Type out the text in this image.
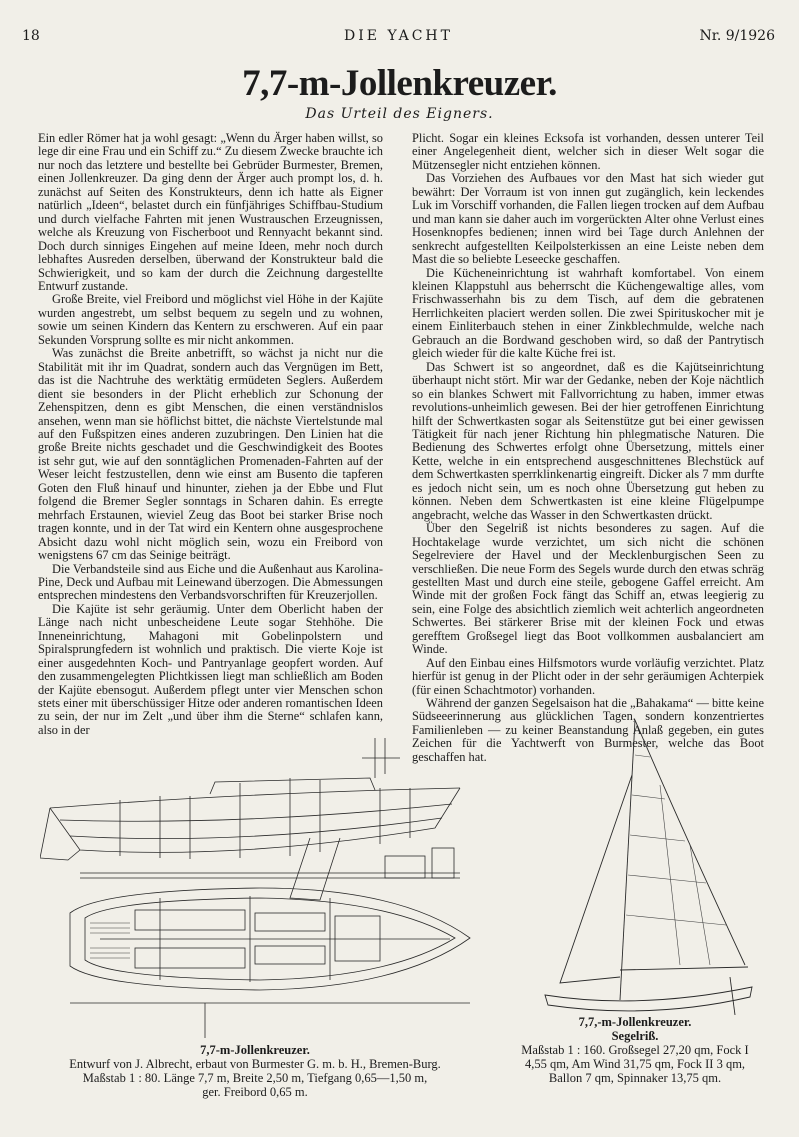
18	DIE YACHT	Nr. 9/1926
7,7-m-Jollenkreuzer.
Das Urteil des Eigners.

Ein edler Römer hat ja wohl gesagt: „Wenn du Ärger haben willst, so lege dir eine Frau und ein Schiff zu.“ Zu diesem Zwecke brauchte ich nur noch das letztere und bestellte bei Gebrüder Burmester, Bremen, einen Jollenkreuzer. Da ging denn der Ärger auch prompt los, d. h. zunächst auf Seiten des Konstrukteurs, denn ich hatte als Eigner natürlich „Ideen“, belastet durch ein fünfjähriges Schiffbau-Studium und durch vielfache Fahrten mit jenen Wustrauschen Erzeugnissen, welche als Kreuzung von Fischerboot und Rennyacht bekannt sind. Doch durch sinniges Eingehen auf meine Ideen, mehr noch durch lebhaftes Ausreden derselben, überwand der Konstrukteur bald die Schwierigkeit, und so kam der durch die Zeichnung dargestellte Entwurf zustande.

Große Breite, viel Freibord und möglichst viel Höhe in der Kajüte wurden angestrebt, um selbst bequem zu segeln und zu wohnen, sowie um seinen Kindern das Kentern zu erschweren. Auf ein paar Sekunden Vorsprung sollte es mir nicht ankommen.

Was zunächst die Breite anbetrifft, so wächst ja nicht nur die Stabilität mit ihr im Quadrat, sondern auch das Vergnügen im Bett, das ist die Nachtruhe des werktätig ermüdeten Seglers. Außerdem dient sie besonders in der Plicht erheblich zur Schonung der Zehenspitzen, denn es gibt Menschen, die einen verständnislos ansehen, wenn man sie höflichst bittet, die nächste Viertelstunde mal auf den Fußspitzen eines anderen zuzubringen. Den Linien hat die große Breite nichts geschadet und die Geschwindigkeit des Bootes ist sehr gut, wie auf den sonntäglichen Promenaden-Fahrten auf der Weser leicht festzustellen, denn wie einst am Busento die tapferen Goten den Fluß hinauf und hinunter, ziehen ja der Ebbe und Flut folgend die Bremer Segler sonntags in Scharen dahin. Es erregte mehrfach Erstaunen, wieviel Zeug das Boot bei starker Brise noch tragen konnte, und in der Tat wird ein Kentern ohne ausgesprochene Absicht dazu wohl nicht möglich sein, wozu ein Freibord von wenigstens 67 cm das Seinige beiträgt.

Die Verbandsteile sind aus Eiche und die Außenhaut aus Karolina-Pine, Deck und Aufbau mit Leinewand überzogen. Die Abmessungen entsprechen mindestens den Verbandsvorschriften für Kreuzerjollen.

Die Kajüte ist sehr geräumig. Unter dem Oberlicht haben der Länge nach nicht unbescheidene Leute sogar Stehhöhe. Die Inneneinrichtung, Mahagoni mit Gobelinpolstern und Spiralsprungfedern ist wohnlich und praktisch. Die vierte Koje ist einer ausgedehnten Koch- und Pantryanlage geopfert worden. Auf den zusammengelegten Plichtkissen liegt man schließlich am Boden der Kajüte ebensogut. Außerdem pflegt unter vier Menschen schon stets einer mit überschüssiger Hitze oder anderen romantischen Ideen zu sein, der nur im Zelt „und über ihm die Sterne“ schlafen kann, also in der

Plicht. Sogar ein kleines Ecksofa ist vorhanden, dessen unterer Teil einer Angelegenheit dient, welcher sich in dieser Welt sogar die Mützensegler nicht entziehen können.

Das Vorziehen des Aufbaues vor den Mast hat sich wieder gut bewährt: Der Vorraum ist von innen gut zugänglich, kein leckendes Luk im Vorschiff vorhanden, die Fallen liegen trocken auf dem Aufbau und man kann sie daher auch im vorgerückten Alter ohne Verlust eines Hosenknopfes bedienen; innen wird bei Tage durch Anlehnen der senkrecht aufgestellten Keilpolsterkissen an eine Leiste neben dem Mast die so beliebte Leseecke geschaffen.

Die Kücheneinrichtung ist wahrhaft komfortabel. Von einem kleinen Klappstuhl aus beherrscht die Küchengewaltige alles, vom Frischwasserhahn bis zu dem Tisch, auf dem die gebratenen Herrlichkeiten placiert werden sollen. Die zwei Spirituskocher mit je einem Einliterbauch stehen in einer Zinkblechmulde, welche nach Gebrauch an die Bordwand geschoben wird, so daß der Pantrytisch gleich wieder für die kalte Küche frei ist.

Das Schwert ist so angeordnet, daß es die Kajütseinrichtung überhaupt nicht stört. Mir war der Gedanke, neben der Koje nächtlich so ein blankes Schwert mit Fallvorrichtung zu haben, immer etwas revolutions-unheimlich gewesen. Bei der hier getroffenen Einrichtung hilft der Schwertkasten sogar als Seitenstütze gut bei einer gewissen Tätigkeit für nach jener Richtung hin phlegmatische Naturen. Die Bedienung des Schwertes erfolgt ohne Übersetzung, mittels einer Kette, welche in ein entsprechend ausgeschnittenes Blechstück auf dem Schwertkasten sperrklinkenartig eingreift. Dicker als 7 mm durfte es jedoch nicht sein, um es noch ohne Übersetzung gut heben zu können. Neben dem Schwertkasten ist eine kleine Flügelpumpe angebracht, welche das Wasser in den Schwertkasten drückt.

Über den Segelriß ist nichts besonderes zu sagen. Auf die Hochtakelage wurde verzichtet, um sich nicht die schönen Segelreviere der Havel und der Mecklenburgischen Seen zu verschließen. Die neue Form des Segels wurde durch den etwas schräg gestellten Mast und durch eine steile, gebogene Gaffel erreicht. Am Winde mit der großen Fock fängt das Schiff an, etwas leegierig zu sein, eine Folge des absichtlich ziemlich weit achterlich angeordneten Schwertes. Bei stärkerer Brise mit der kleinen Fock und etwas gerefftem Großsegel liegt das Boot vollkommen ausbalanciert am Winde.

Auf den Einbau eines Hilfsmotors wurde vorläufig verzichtet. Platz hierfür ist genug in der Plicht oder in der sehr geräumigen Achterpiek (für einen Schachtmotor) vorhanden.

Während der ganzen Segelsaison hat die „Bahakama“ — bitte keine Südseeerinnerung aus glücklichen Tagen, sondern konzentriertes Familienleben — zu keiner Beanstandung Anlaß gegeben, ein gutes Zeichen für die Yachtwerft von Burmester, welche das Boot geschaffen hat.

7,7-m-Jollenkreuzer.
Entwurf von J. Albrecht, erbaut von Burmester G. m. b. H., Bremen-Burg.
Maßstab 1 : 80. Länge 7,7 m, Breite 2,50 m, Tiefgang 0,65—1,50 m,
ger. Freibord 0,65 m.
7,7,-m-Jollenkreuzer.
Segelriß.
Maßstab 1 : 160. Großsegel 27,20 qm, Fock I
4,55 qm, Am Wind 31,75 qm, Fock II 3 qm,
Ballon 7 qm, Spinnaker 13,75 qm.
